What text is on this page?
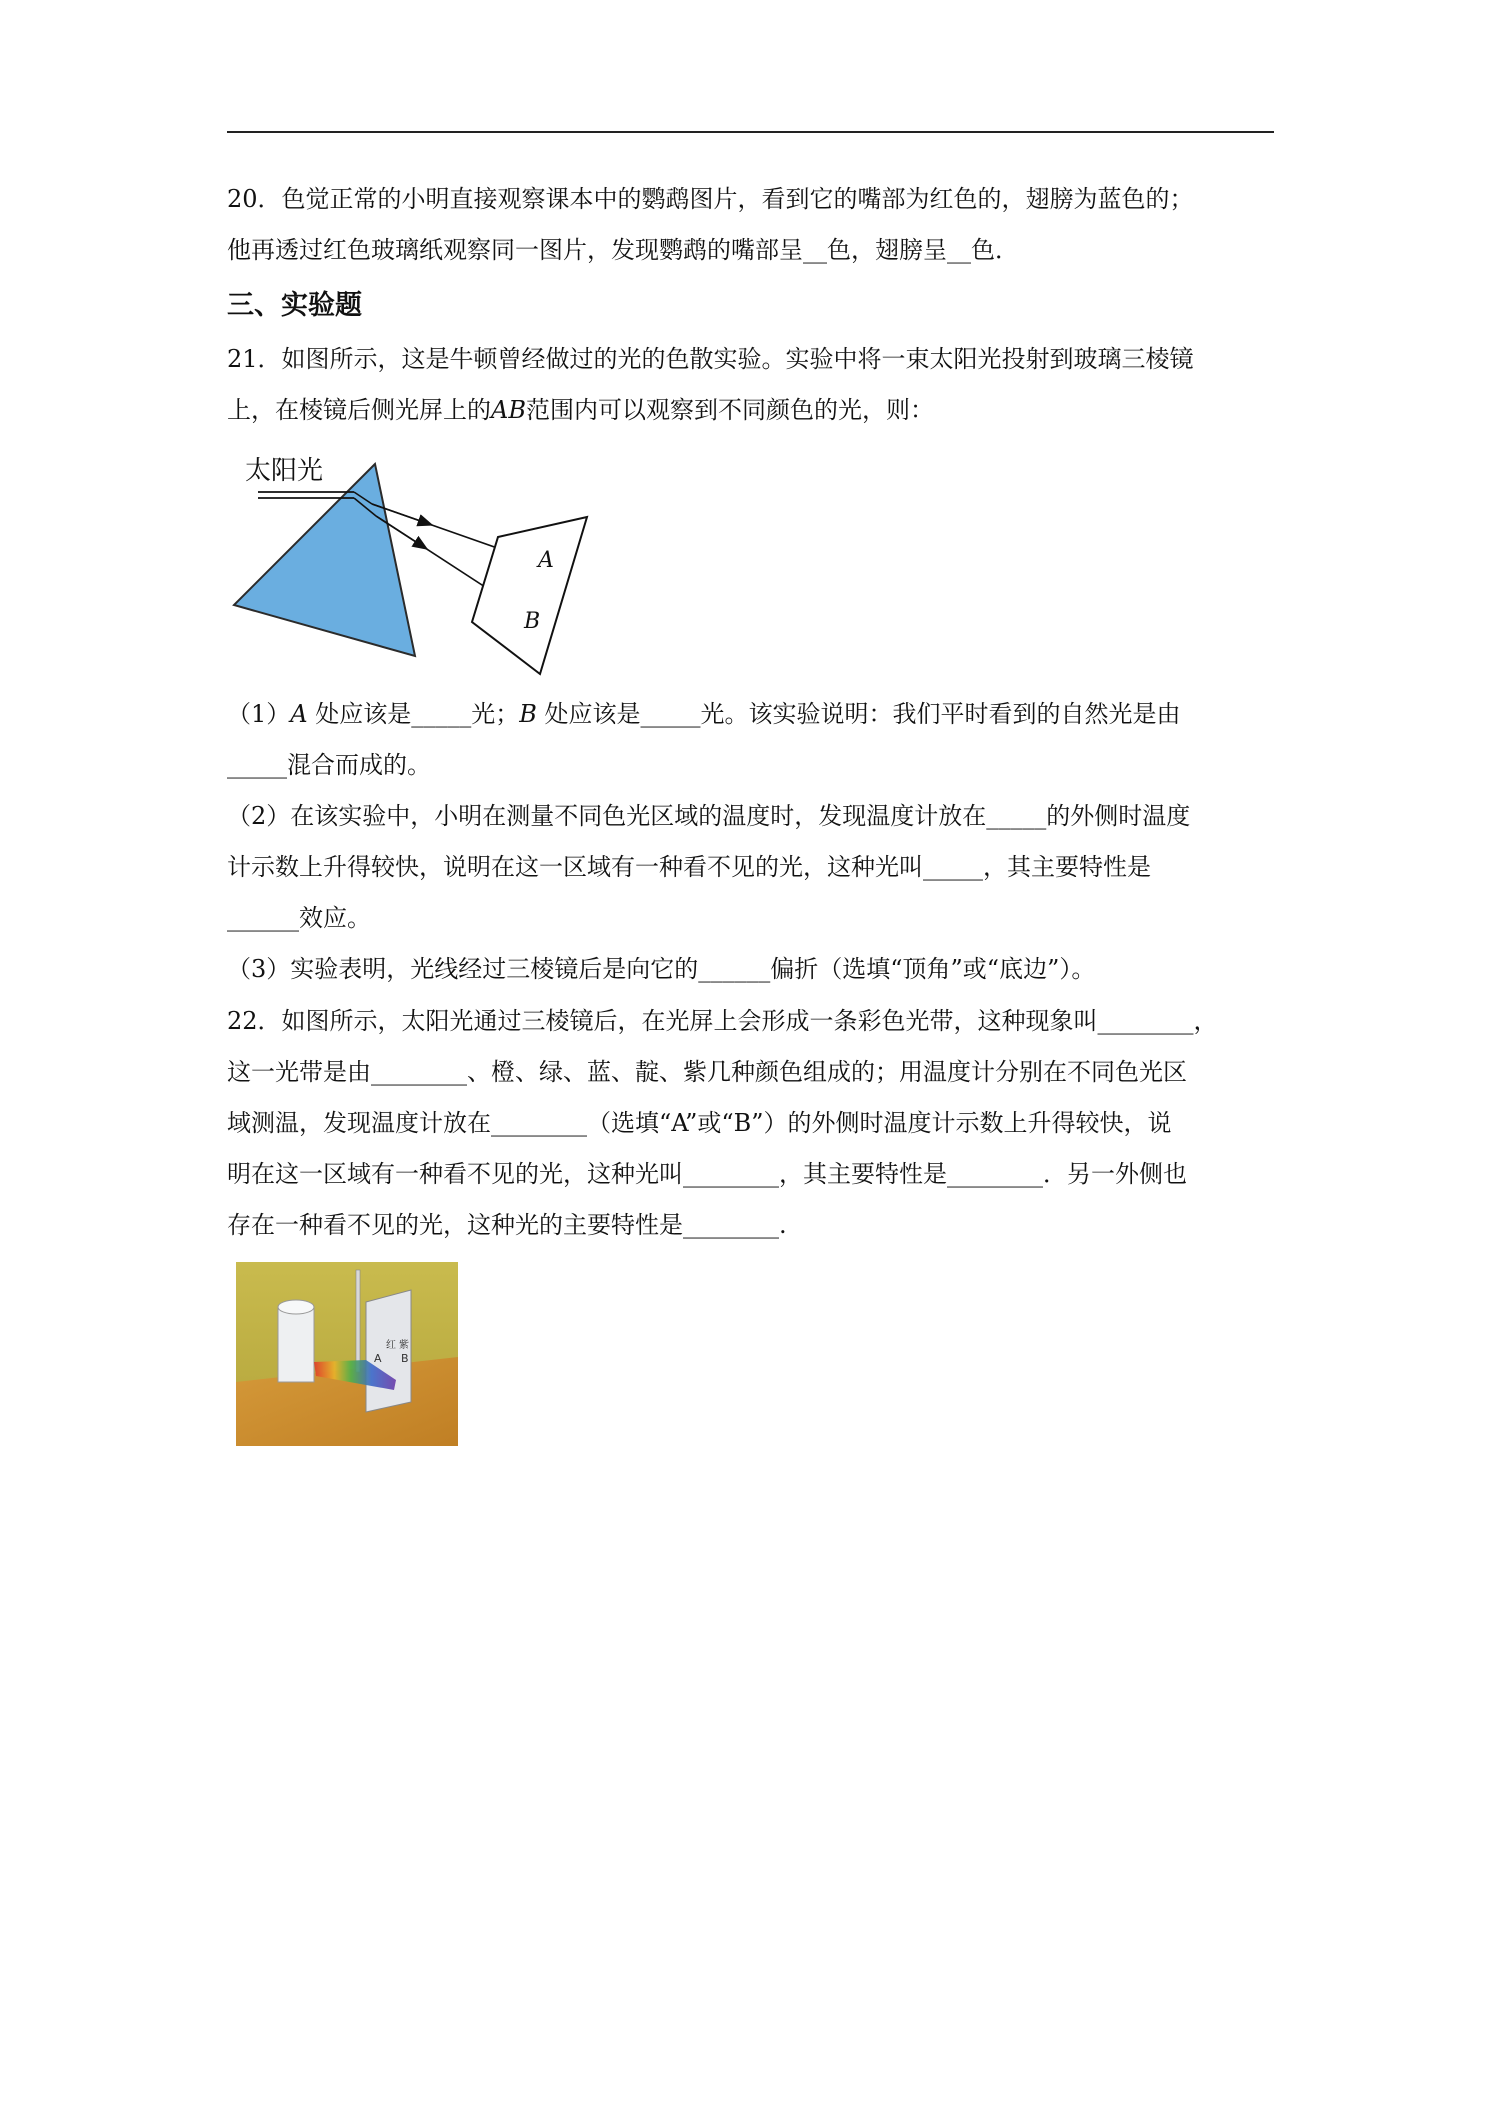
20．色觉正常的小明直接观察课本中的鹦鹉图片，看到它的嘴部为红色的，翅膀为蓝色的；
他再透过红色玻璃纸观察同一图片，发现鹦鹉的嘴部呈__色，翅膀呈__色．

三、实验题

21．如图所示，这是牛顿曾经做过的光的色散实验。实验中将一束太阳光投射到玻璃三棱镜
上，在棱镜后侧光屏上的AB范围内可以观察到不同颜色的光，则：

太阳光
A
B

（1）A 处应该是_____光；B 处应该是_____光。该实验说明：我们平时看到的自然光是由
_____混合而成的。

（2）在该实验中，小明在测量不同色光区域的温度时，发现温度计放在_____的外侧时温度
计示数上升得较快，说明在这一区域有一种看不见的光，这种光叫_____，其主要特性是
______效应。

（3）实验表明，光线经过三棱镜后是向它的______偏折（选填“顶角”或“底边”）。

22．如图所示，太阳光通过三棱镜后，在光屏上会形成一条彩色光带，这种现象叫________，
这一光带是由________、橙、绿、蓝、靛、紫几种颜色组成的；用温度计分别在不同色光区
域测温，发现温度计放在________（选填“A”或“B”）的外侧时温度计示数上升得较快，说
明在这一区域有一种看不见的光，这种光叫________，其主要特性是________．另一外侧也
存在一种看不见的光，这种光的主要特性是________.

红
A
紫
B
